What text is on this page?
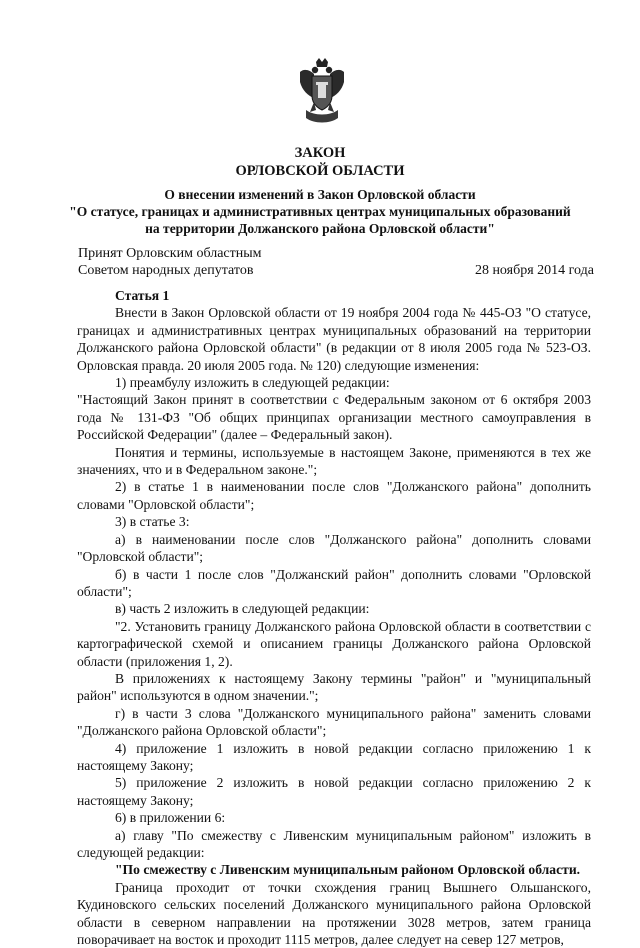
ЗАКОН
ОРЛОВСКОЙ ОБЛАСТИ
О внесении изменений в Закон Орловской области
"О статусе, границах и административных центрах муниципальных образований
на территории Должанского района Орловской области"
Принят Орловским областным
Советом народных депутатов	28 ноября 2014 года

Статья 1

Внести в Закон Орловской области от 19 ноября 2004 года № 445-ОЗ "О статусе, границах и административных центрах муниципальных образований на территории Должанского района Орловской области" (в редакции от 8 июля 2005 года № 523-ОЗ. Орловская правда. 20 июля 2005 года. № 120) следующие изменения:

1) преамбулу изложить в следующей редакции:

"Настоящий Закон принят в соответствии с Федеральным законом от 6 октября 2003 года № 131-ФЗ "Об общих принципах организации местного самоуправления в Российской Федерации" (далее – Федеральный закон).

Понятия и термины, используемые в настоящем Законе, применяются в тех же значениях, что и в Федеральном законе.";

2) в статье 1 в наименовании после слов "Должанского района" дополнить словами "Орловской области";

3) в статье 3:

а) в наименовании после слов "Должанского района" дополнить словами "Орловской области";

б) в части 1 после слов "Должанский район" дополнить словами "Орловской области";

в) часть 2 изложить в следующей редакции:

"2. Установить границу Должанского района Орловской области в соответствии с картографической схемой и описанием границы Должанского района Орловской области (приложения 1, 2).

В приложениях к настоящему Закону термины "район" и "муниципальный район" используются в одном значении.";

г) в части 3 слова "Должанского муниципального района" заменить словами "Должанского района Орловской области";

4) приложение 1 изложить в новой редакции согласно приложению 1 к настоящему Закону;

5) приложение 2 изложить в новой редакции согласно приложению 2 к настоящему Закону;

6) в приложении 6:

а) главу "По смежеству с Ливенским муниципальным районом" изложить в следующей редакции:

"По смежеству с Ливенским муниципальным районом Орловской области.

Граница проходит от точки схождения границ Вышнего Ольшанского, Кудиновского сельских поселений Должанского муниципального района Орловской области в северном направлении на протяжении 3028 метров, затем граница поворачивает на восток и проходит 1115 метров, далее следует на север 127 метров,
